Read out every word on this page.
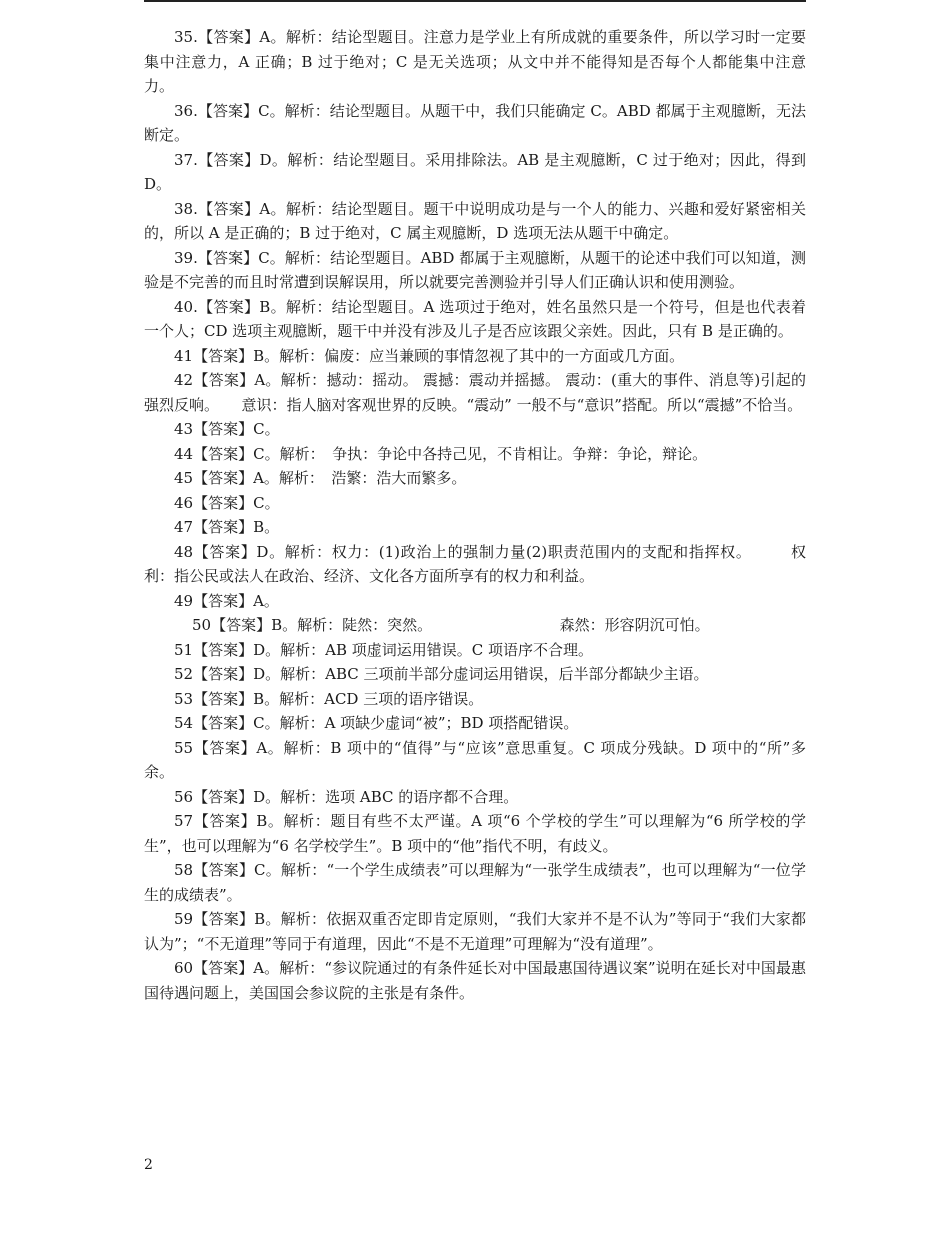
35.【答案】A。解析：结论型题目。注意力是学业上有所成就的重要条件，所以学习时一定要集中注意力，A 正确；B 过于绝对；C 是无关选项；从文中并不能得知是否每个人都能集中注意力。

36.【答案】C。解析：结论型题目。从题干中，我们只能确定 C。ABD 都属于主观臆断，无法断定。

37.【答案】D。解析：结论型题目。采用排除法。AB 是主观臆断，C 过于绝对；因此，得到 D。

38.【答案】A。解析：结论型题目。题干中说明成功是与一个人的能力、兴趣和爱好紧密相关的，所以 A 是正确的；B 过于绝对，C 属主观臆断，D 选项无法从题干中确定。

39.【答案】C。解析：结论型题目。ABD 都属于主观臆断，从题干的论述中我们可以知道，测验是不完善的而且时常遭到误解误用，所以就要完善测验并引导人们正确认识和使用测验。

40.【答案】B。解析：结论型题目。A 选项过于绝对，姓名虽然只是一个符号，但是也代表着一个人；CD 选项主观臆断，题干中并没有涉及儿子是否应该跟父亲姓。因此，只有 B 是正确的。

41【答案】B。解析：偏废：应当兼顾的事情忽视了其中的一方面或几方面。

42【答案】A。解析：撼动：摇动。 震撼：震动并摇撼。 震动：(重大的事件、消息等)引起的强烈反响。　　意识：指人脑对客观世界的反映。“震动” 一般不与“意识”搭配。所以“震撼”不恰当。

43【答案】C。

44【答案】C。解析：　争执：争论中各持己见，不肯相让。争辩：争论，辩论。

45【答案】A。解析：　浩繁：浩大而繁多。

46【答案】C。

47【答案】B。

48【答案】D。解析：权力：(1)政治上的强制力量(2)职责范围内的支配和指挥权。　　　权利：指公民或法人在政治、经济、文化各方面所享有的权力和利益。

49【答案】A。

50【答案】B。解析：陡然：突然。　　　　　　　　　森然：形容阴沉可怕。

51【答案】D。解析：AB 项虚词运用错误。C 项语序不合理。

52【答案】D。解析：ABC 三项前半部分虚词运用错误，后半部分都缺少主语。

53【答案】B。解析：ACD 三项的语序错误。

54【答案】C。解析：A 项缺少虚词“被”；BD 项搭配错误。

55【答案】A。解析：B 项中的“值得”与“应该”意思重复。C 项成分残缺。D 项中的“所”多余。

56【答案】D。解析：选项 ABC 的语序都不合理。

57【答案】B。解析：题目有些不太严谨。A 项“6 个学校的学生”可以理解为“6 所学校的学生”，也可以理解为“6 名学校学生”。B 项中的“他”指代不明，有歧义。

58【答案】C。解析：“一个学生成绩表”可以理解为“一张学生成绩表”，也可以理解为“一位学生的成绩表”。

59【答案】B。解析：依据双重否定即肯定原则，“我们大家并不是不认为”等同于“我们大家都认为”；“不无道理”等同于有道理，因此“不是不无道理”可理解为“没有道理”。

60【答案】A。解析：“参议院通过的有条件延长对中国最惠国待遇议案”说明在延长对中国最惠国待遇问题上，美国国会参议院的主张是有条件。

2
